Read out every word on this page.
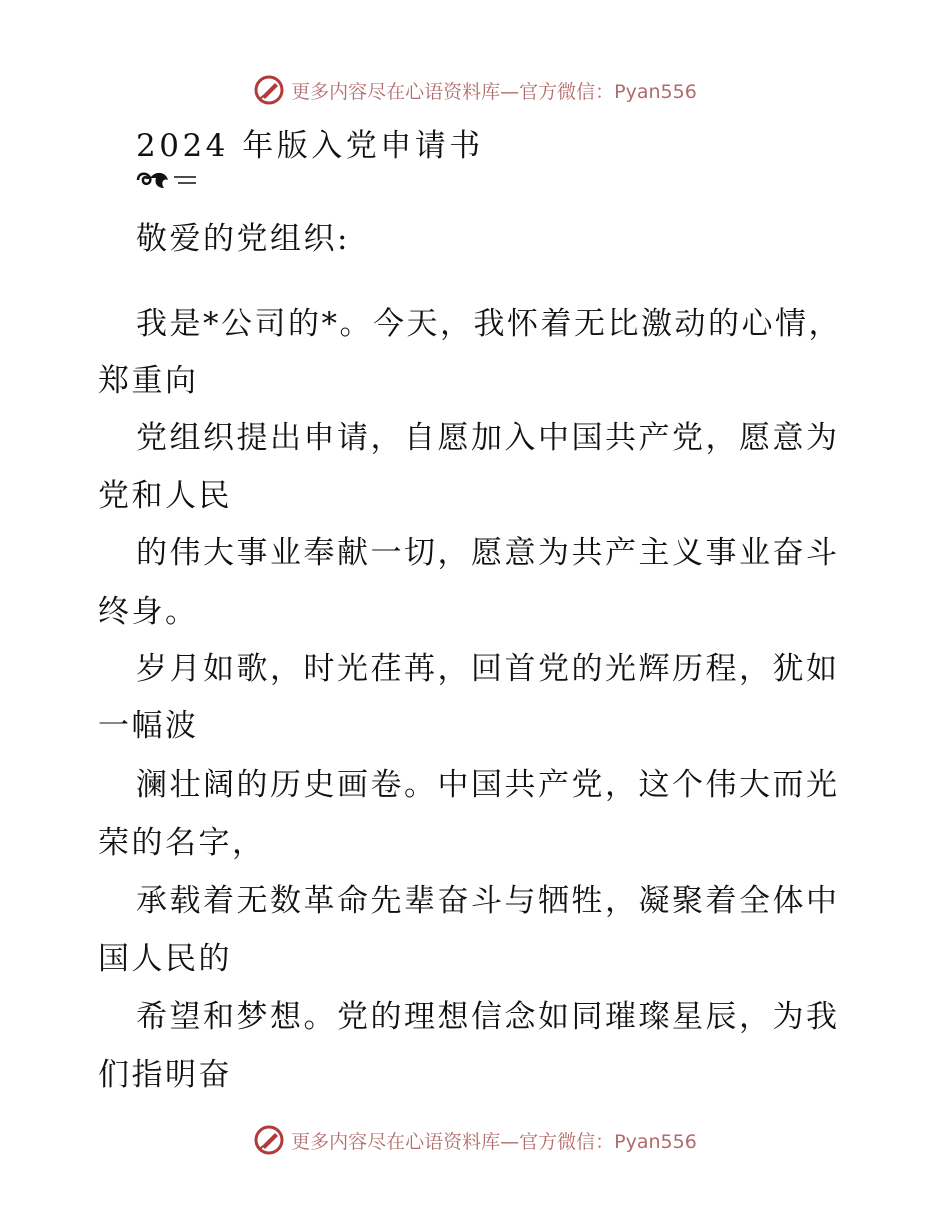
更多内容尽在心语资料库—官方微信：Pyan556
2024 年版入党申请书
敬爱的党组织:
我是*公司的*。今天，我怀着无比激动的心情，
郑重向
党组织提出申请，自愿加入中国共产党，愿意为
党和人民
的伟大事业奉献一切，愿意为共产主义事业奋斗
终身。
岁月如歌，时光荏苒，回首党的光辉历程，犹如
一幅波
澜壮阔的历史画卷。中国共产党，这个伟大而光
荣的名字，
承载着无数革命先辈奋斗与牺牲，凝聚着全体中
国人民的
希望和梦想。党的理想信念如同璀璨星辰，为我
们指明奋
更多内容尽在心语资料库—官方微信：Pyan556
